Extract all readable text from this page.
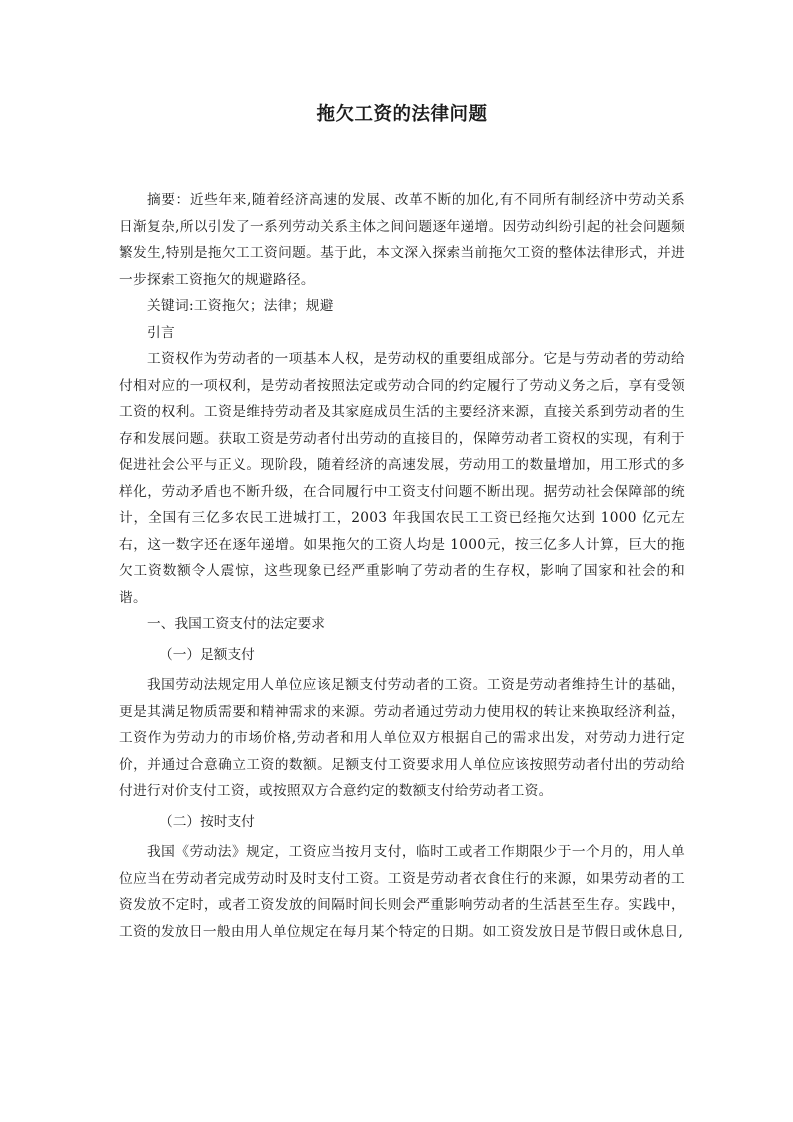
拖欠工资的法律问题

摘要：近些年来,随着经济高速的发展、改革不断的加化,有不同所有制经济中劳动关系日渐复杂,所以引发了一系列劳动关系主体之间问题逐年递增。因劳动纠纷引起的社会问题频繁发生,特别是拖欠工工资问题。基于此，本文深入探索当前拖欠工资的整体法律形式，并进一步探索工资拖欠的规避路径。

关键词:工资拖欠；法律；规避

引言

工资权作为劳动者的一项基本人权，是劳动权的重要组成部分。它是与劳动者的劳动给付相对应的一项权利，是劳动者按照法定或劳动合同的约定履行了劳动义务之后，享有受领工资的权利。工资是维持劳动者及其家庭成员生活的主要经济来源，直接关系到劳动者的生存和发展问题。获取工资是劳动者付出劳动的直接目的，保障劳动者工资权的实现，有利于促进社会公平与正义。现阶段，随着经济的高速发展，劳动用工的数量增加，用工形式的多样化，劳动矛盾也不断升级，在合同履行中工资支付问题不断出现。据劳动社会保障部的统计，全国有三亿多农民工进城打工，2003 年我国农民工工资已经拖欠达到 1000 亿元左右，这一数字还在逐年递增。如果拖欠的工资人均是 1000元，按三亿多人计算，巨大的拖欠工资数额令人震惊，这些现象已经严重影响了劳动者的生存权，影响了国家和社会的和谐。

一、我国工资支付的法定要求

（一）足额支付

我国劳动法规定用人单位应该足额支付劳动者的工资。工资是劳动者维持生计的基础，更是其满足物质需要和精神需求的来源。劳动者通过劳动力使用权的转让来换取经济利益，工资作为劳动力的市场价格,劳动者和用人单位双方根据自己的需求出发，对劳动力进行定价，并通过合意确立工资的数额。足额支付工资要求用人单位应该按照劳动者付出的劳动给付进行对价支付工资，或按照双方合意约定的数额支付给劳动者工资。

（二）按时支付

我国《劳动法》规定，工资应当按月支付，临时工或者工作期限少于一个月的，用人单位应当在劳动者完成劳动时及时支付工资。工资是劳动者衣食住行的来源，如果劳动者的工资发放不定时，或者工资发放的间隔时间长则会严重影响劳动者的生活甚至生存。实践中，工资的发放日一般由用人单位规定在每月某个特定的日期。如工资发放日是节假日或休息日,
